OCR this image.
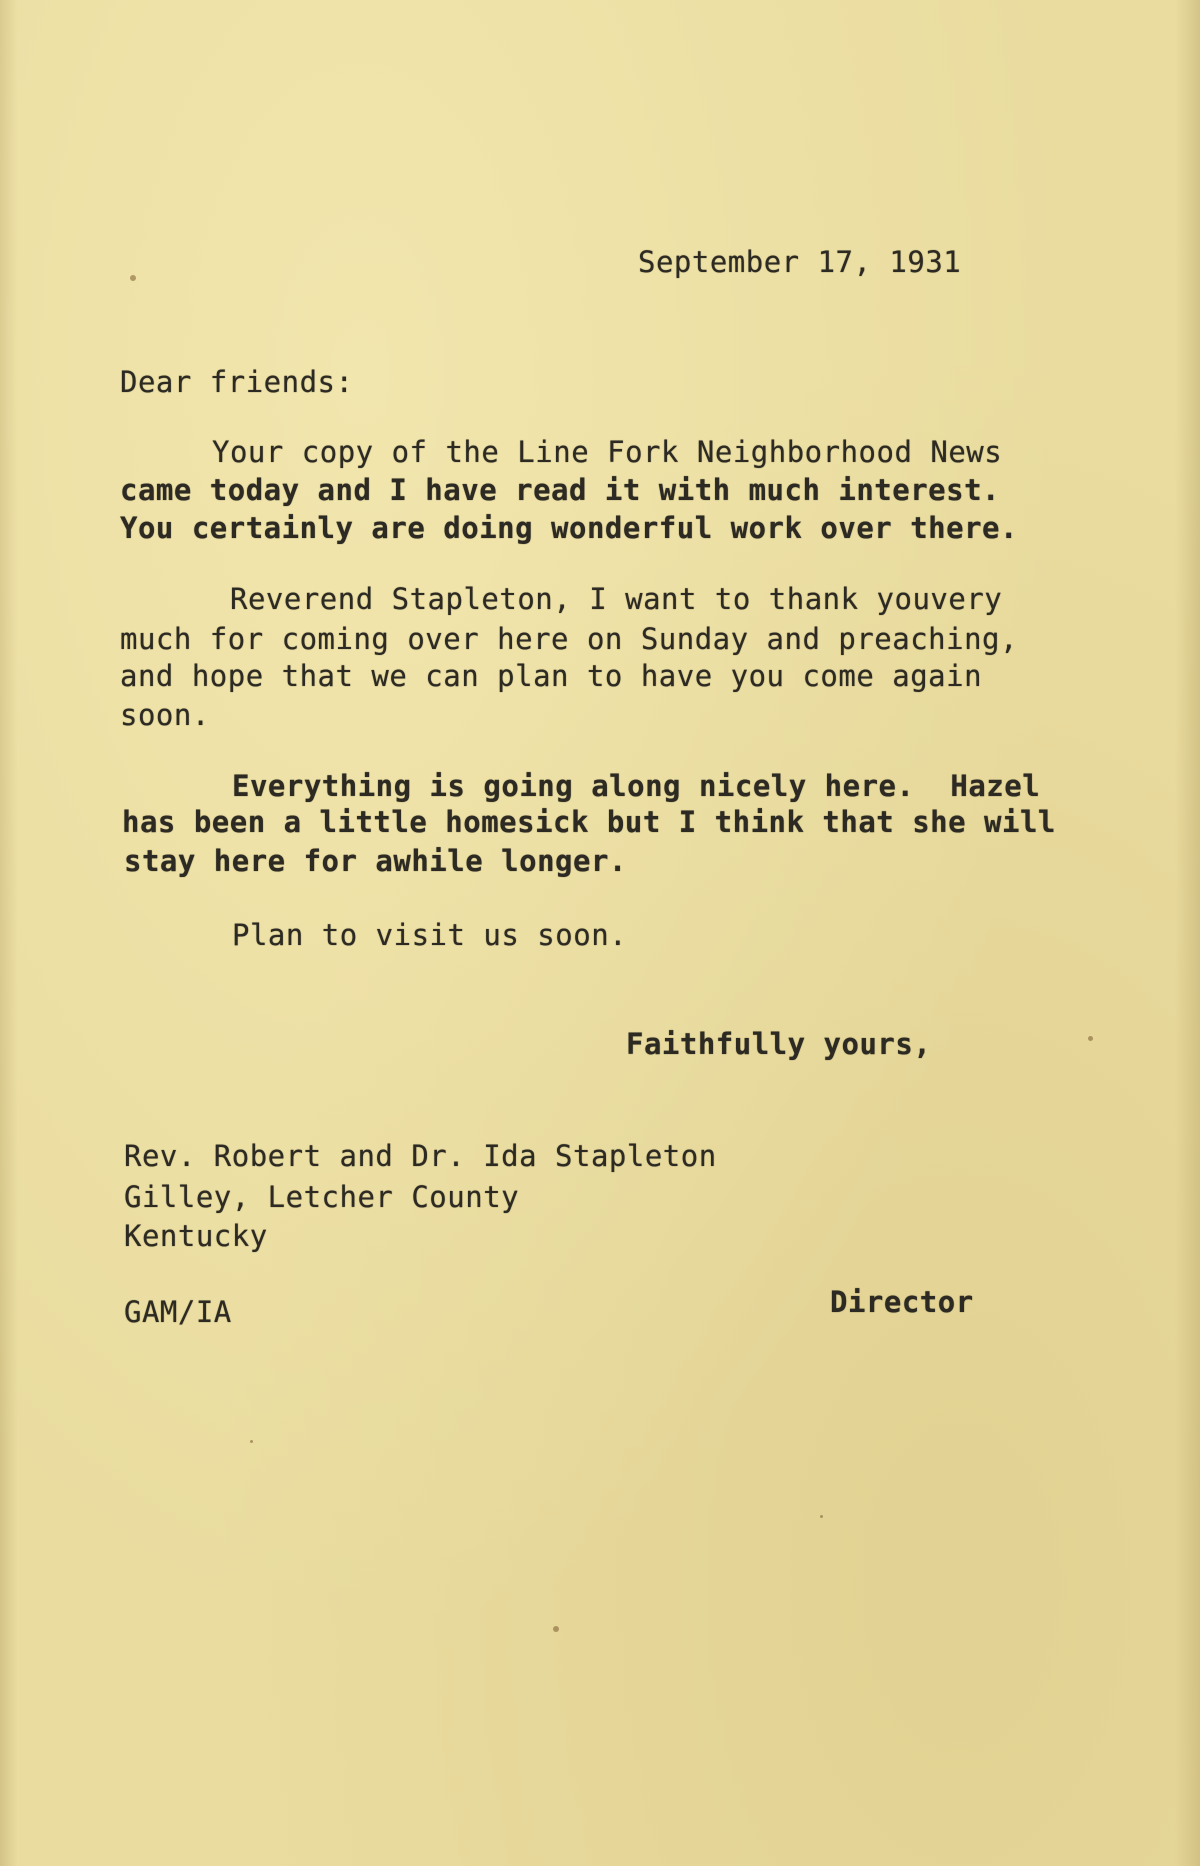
September 17, 1931
Dear friends:
Your copy of the Line Fork Neighborhood News
came today and I have read it with much interest.
You certainly are doing wonderful work over there.
Reverend Stapleton, I want to thank youvery
much for coming over here on Sunday and preaching,
and hope that we can plan to have you come again
soon.
Everything is going along nicely here.  Hazel
has been a little homesick but I think that she will
stay here for awhile longer.
Plan to visit us soon.
Faithfully yours,
Rev. Robert and Dr. Ida Stapleton
Gilley, Letcher County
Kentucky
GAM/IA	Director
